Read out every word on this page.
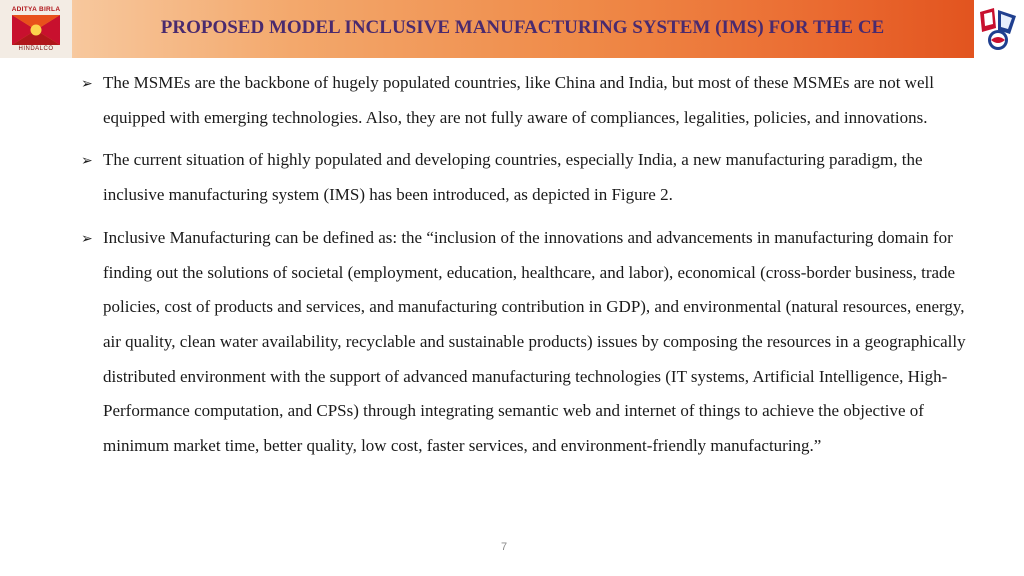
ADITYA BIRLA
HINDALCO
PROPOSED MODEL INCLUSIVE MANUFACTURING SYSTEM (IMS) FOR THE CE
➢ The MSMEs are the backbone of hugely populated countries, like China and India, but most of these MSMEs are not well equipped with emerging technologies. Also, they are not fully aware of compliances, legalities, policies, and innovations.

➢ The current situation of highly populated and developing countries, especially India, a new manufacturing paradigm, the inclusive manufacturing system (IMS) has been introduced, as depicted in Figure 2.

➢ Inclusive Manufacturing can be defined as: the “inclusion of the innovations and advancements in manufacturing domain for finding out the solutions of societal (employment, education, healthcare, and labor), economical (cross-border business, trade policies, cost of products and services, and manufacturing contribution in GDP), and environmental (natural resources, energy, air quality, clean water availability, recyclable and sustainable products) issues by composing the resources in a geographically distributed environment with the support of advanced manufacturing technologies (IT systems, Artificial Intelligence, High-Performance computation, and CPSs) through integrating semantic web and internet of things to achieve the objective of minimum market time, better quality, low cost, faster services, and environment-friendly manufacturing.”

7
